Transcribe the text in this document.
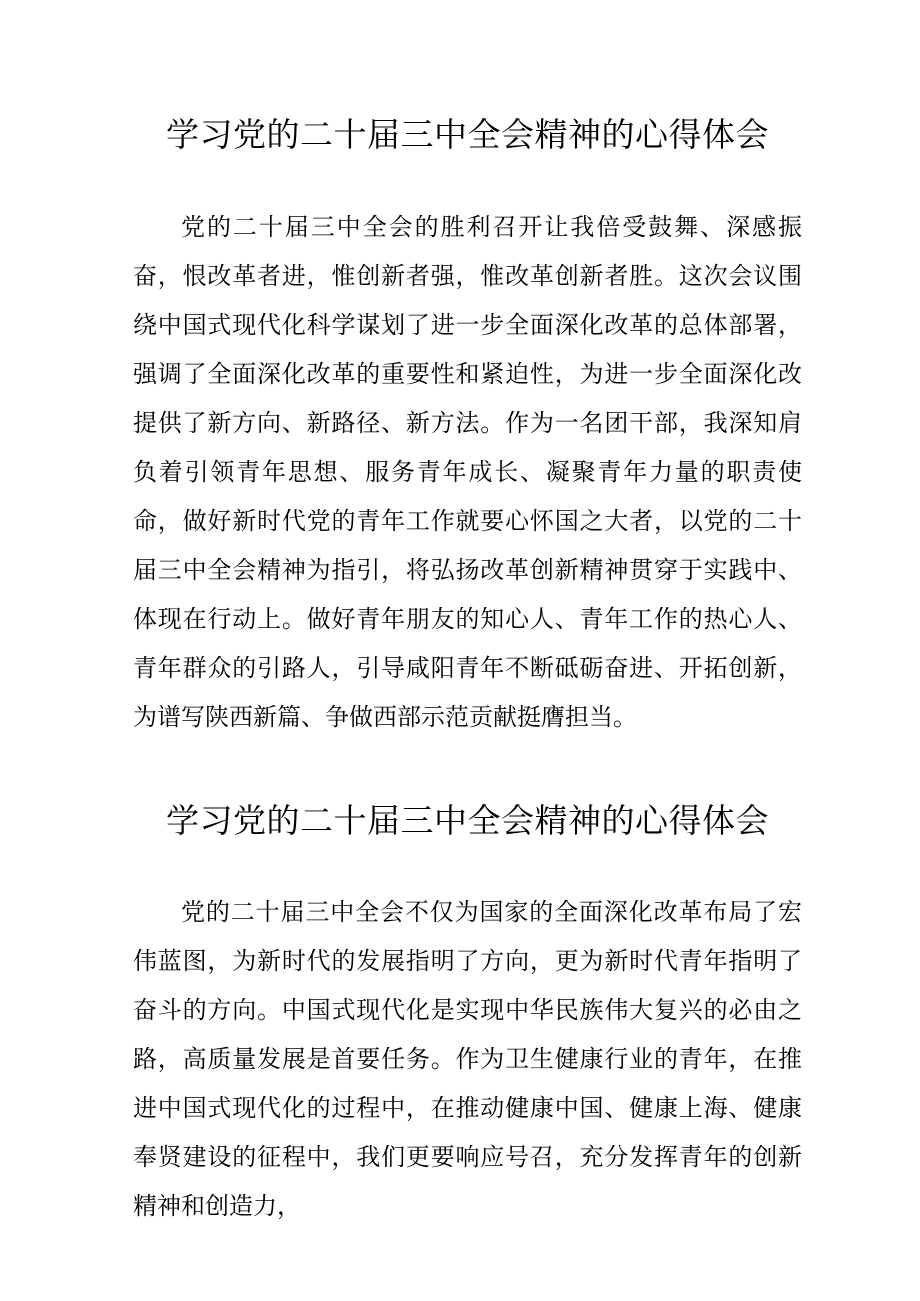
学习党的二十届三中全会精神的心得体会

党的二十届三中全会的胜利召开让我倍受鼓舞、深感振奋，恨改革者进，惟创新者强，惟改革创新者胜。这次会议围绕中国式现代化科学谋划了进一步全面深化改革的总体部署，强调了全面深化改革的重要性和紧迫性，为进一步全面深化改提供了新方向、新路径、新方法。作为一名团干部，我深知肩负着引领青年思想、服务青年成长、凝聚青年力量的职责使命，做好新时代党的青年工作就要心怀国之大者，以党的二十届三中全会精神为指引，将弘扬改革创新精神贯穿于实践中、体现在行动上。做好青年朋友的知心人、青年工作的热心人、青年群众的引路人，引导咸阳青年不断砥砺奋进、开拓创新，为谱写陕西新篇、争做西部示范贡献挺膺担当。

学习党的二十届三中全会精神的心得体会

党的二十届三中全会不仅为国家的全面深化改革布局了宏伟蓝图，为新时代的发展指明了方向，更为新时代青年指明了奋斗的方向。中国式现代化是实现中华民族伟大复兴的必由之路，高质量发展是首要任务。作为卫生健康行业的青年，在推进中国式现代化的过程中，在推动健康中国、健康上海、健康奉贤建设的征程中，我们更要响应号召，充分发挥青年的创新精神和创造力，
